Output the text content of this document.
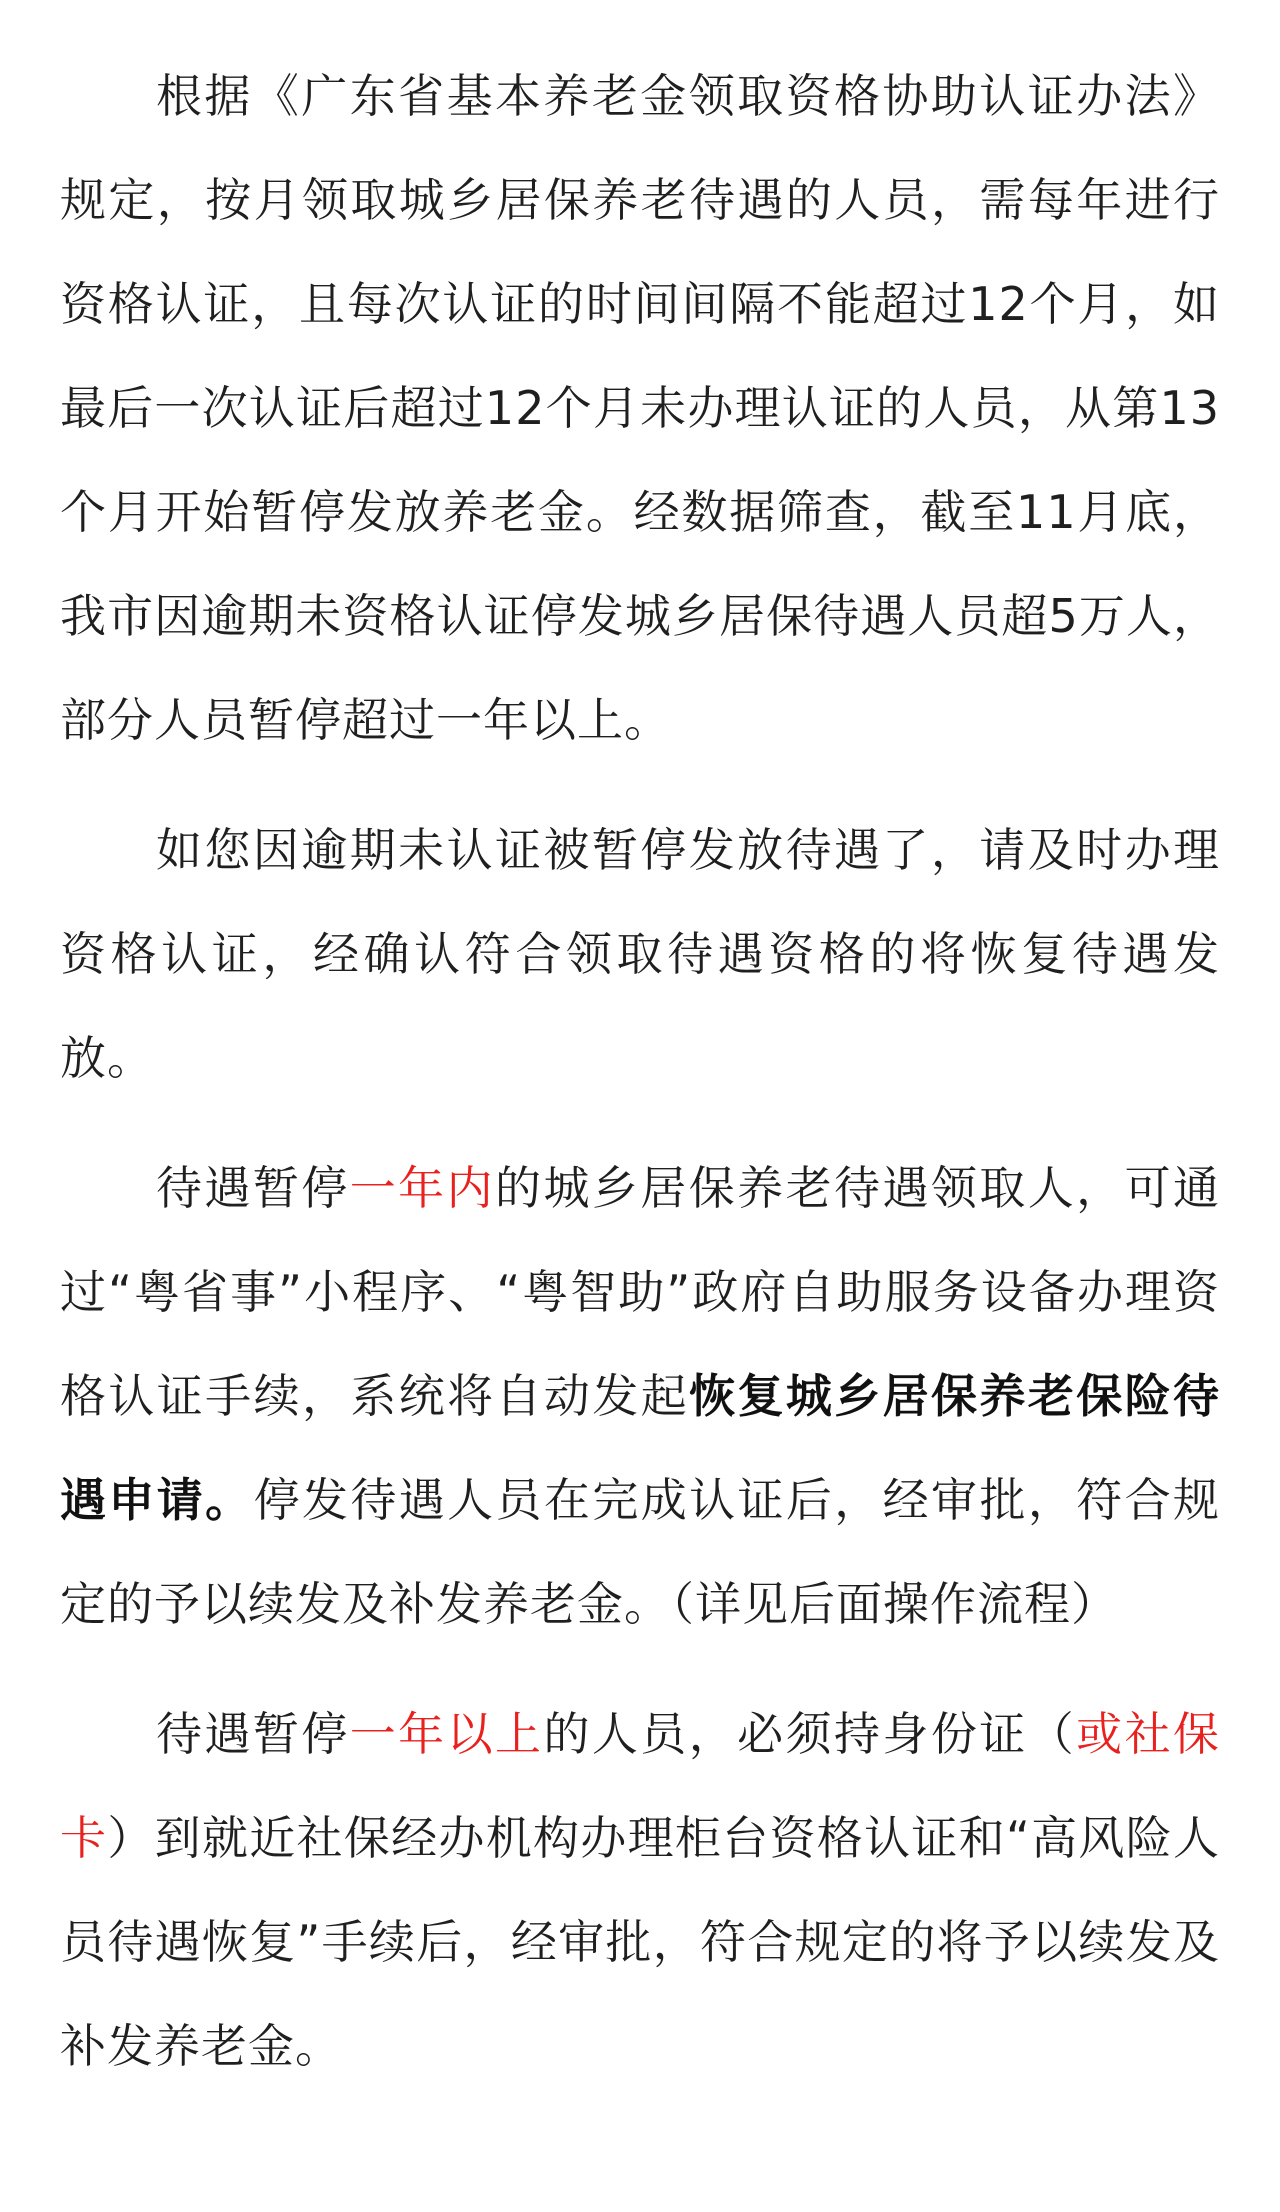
根据《广东省基本养老金领取资格协助认证办法》规定，按月领取城乡居保养老待遇的人员，需每年进行资格认证，且每次认证的时间间隔不能超过12个月，如最后一次认证后超过12个月未办理认证的人员，从第13个月开始暂停发放养老金。经数据筛查，截至11月底，我市因逾期未资格认证停发城乡居保待遇人员超5万人，部分人员暂停超过一年以上。

如您因逾期未认证被暂停发放待遇了，请及时办理资格认证，经确认符合领取待遇资格的将恢复待遇发放。

待遇暂停一年内的城乡居保养老待遇领取人，可通过“粤省事”小程序、“粤智助”政府自助服务设备办理资格认证手续，系统将自动发起恢复城乡居保养老保险待遇申请。停发待遇人员在完成认证后，经审批，符合规定的予以续发及补发养老金。（详见后面操作流程）

待遇暂停一年以上的人员，必须持身份证（或社保卡）到就近社保经办机构办理柜台资格认证和“高风险人员待遇恢复”手续后，经审批，符合规定的将予以续发及补发养老金。
